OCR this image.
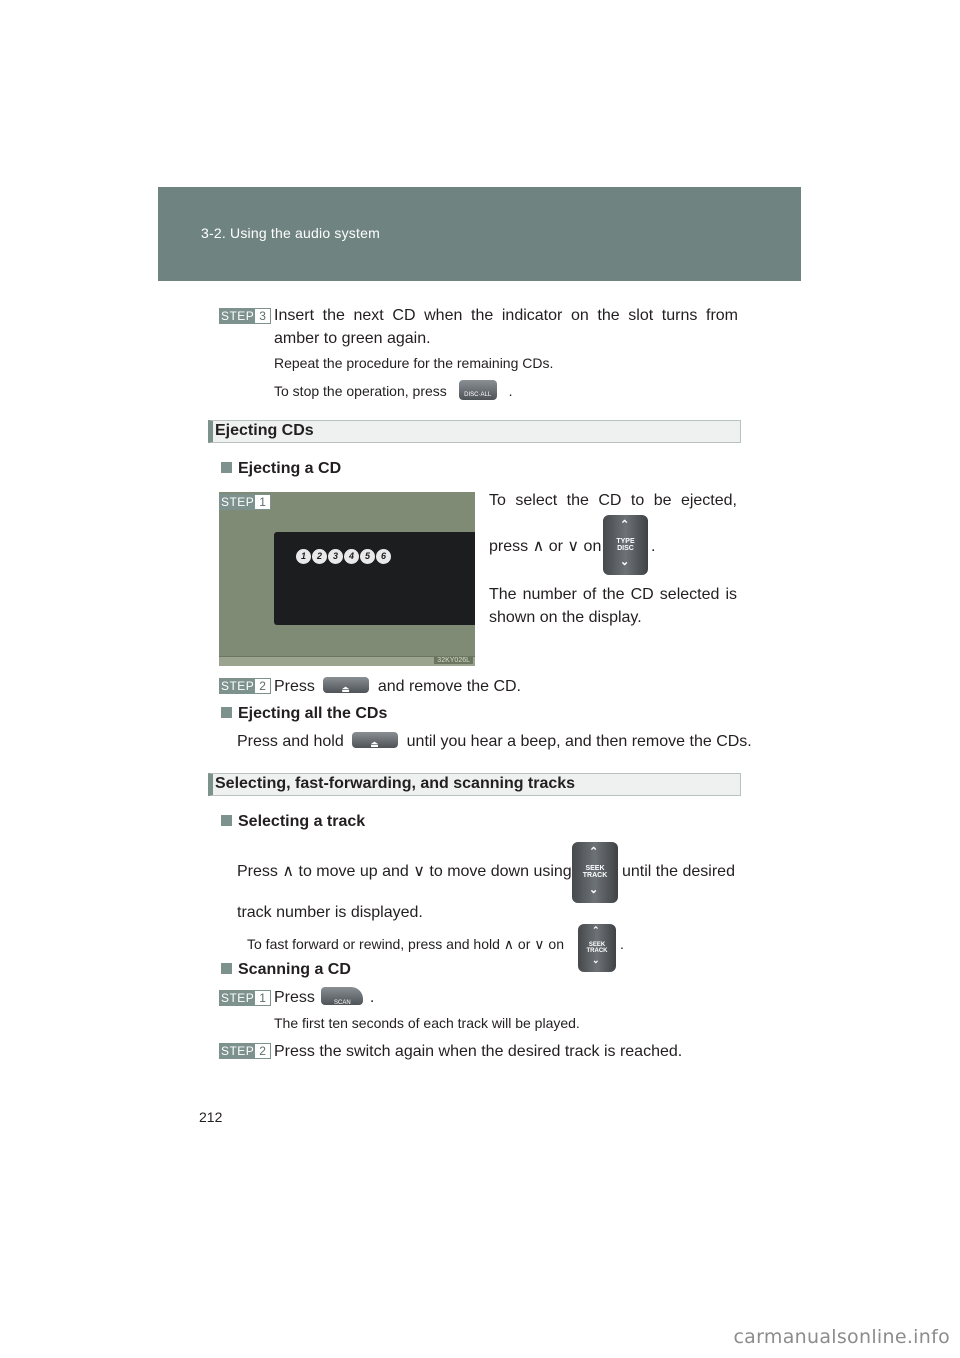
3-2. Using the audio system
STEP 3 Insert the next CD when the indicator on the slot turns from
amber to green again.
Repeat the procedure for the remaining CDs.
To stop the operation, press	DISC·ALL	.
Ejecting CDs
Ejecting a CD
STEP 1
1	2	3	4	5	6
32KY026L
To select the CD to be ejected,
press ∧ or ∨ on
⌃
TYPE
DISC
⌄
.
The number of the CD selected is
shown on the display.
STEP 2 Press	⏏ and remove the CD.
Ejecting all the CDs
Press and hold	⏏ until you hear a beep, and then remove the CDs.
Selecting, fast-forwarding, and scanning tracks
Selecting a track
Press ∧ to move up and ∨ to move down using
⌃
SEEK
TRACK
⌄
until the desired
track number is displayed.
To fast forward or rewind, press and hold ∧ or ∨ on
⌃
SEEK
TRACK
⌄
.
Scanning a CD
STEP 1 Press	SCAN	.
The first ten seconds of each track will be played.
STEP 2 Press the switch again when the desired track is reached.
212
carmanualsonline.info
